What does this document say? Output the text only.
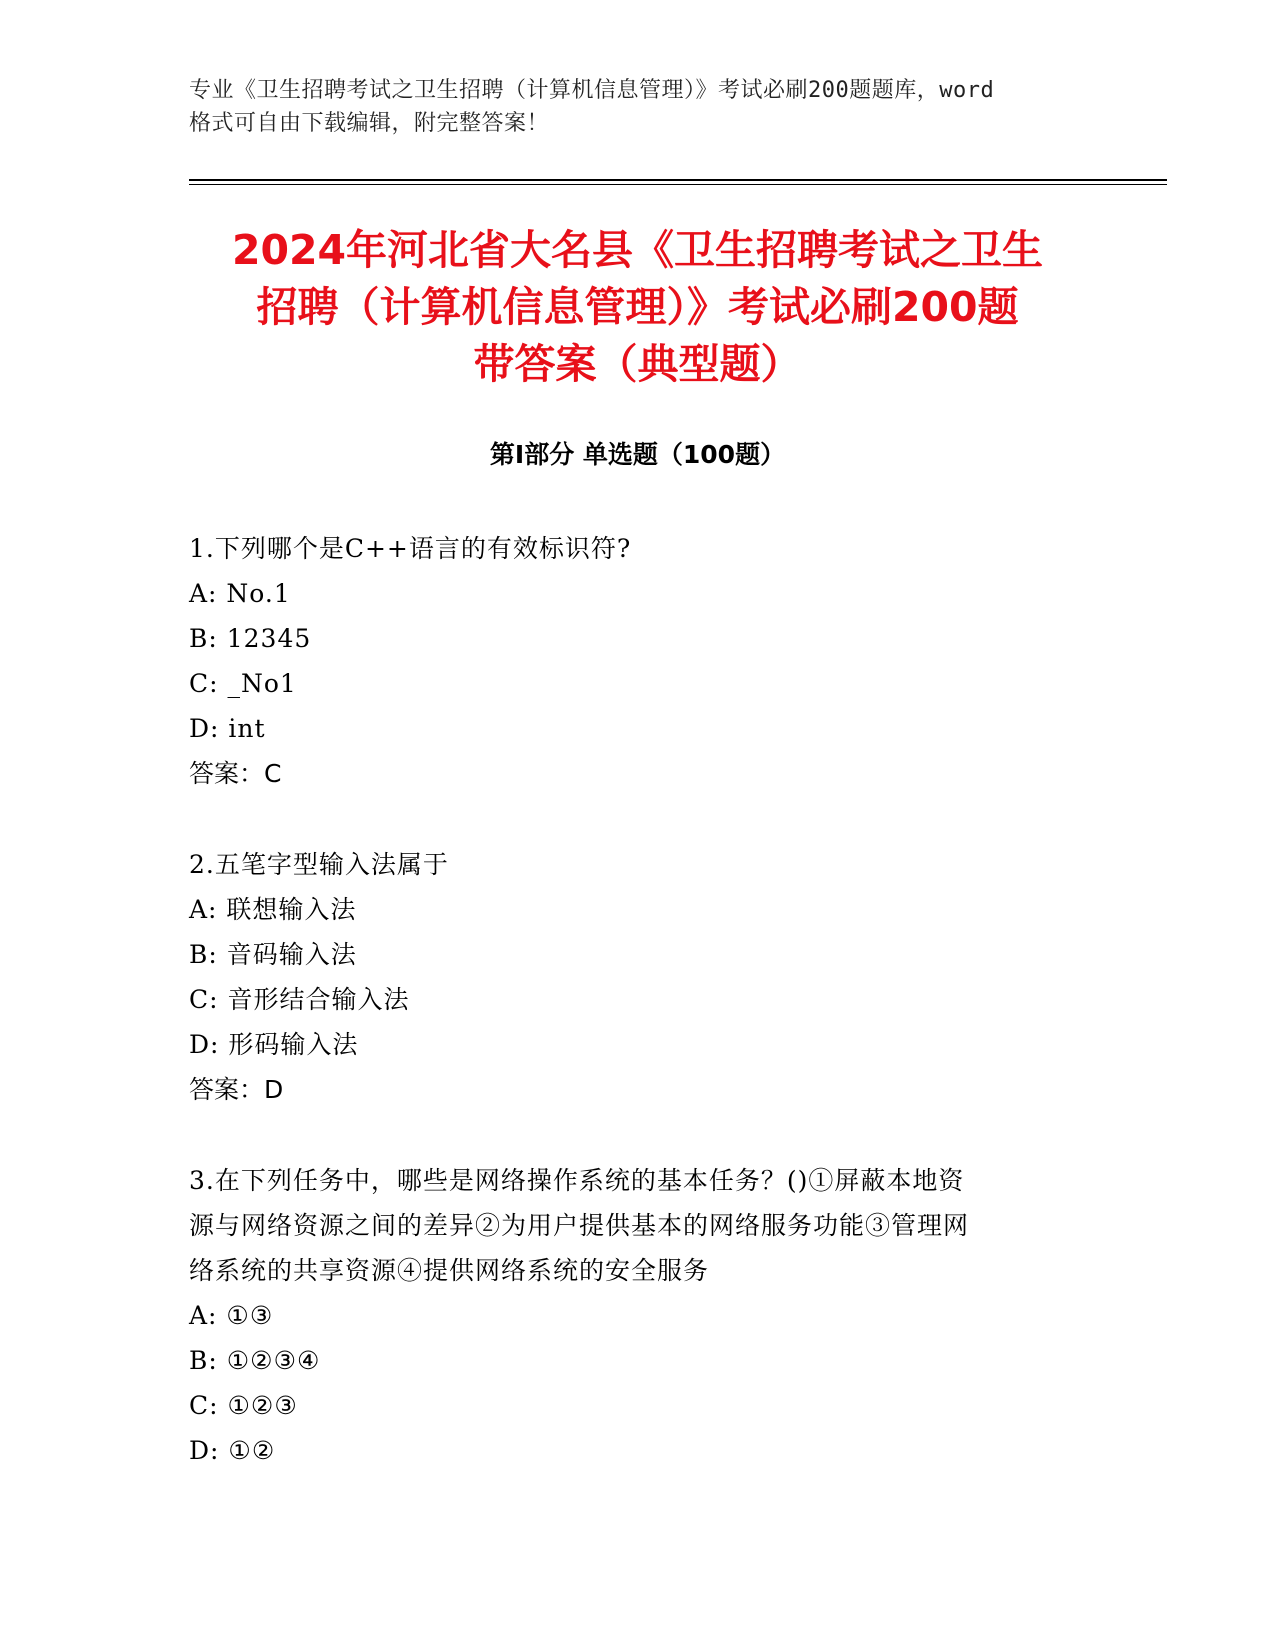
专业《卫生招聘考试之卫生招聘（计算机信息管理）》考试必刷200题题库，word
格式可自由下载编辑，附完整答案！
2024年河北省大名县《卫生招聘考试之卫生
招聘（计算机信息管理）》考试必刷200题
带答案（典型题）
第I部分 单选题（100题）
1.下列哪个是C++语言的有效标识符?
A: No.1
B: 12345
C: _No1
D: int
答案：C
2.五笔字型输入法属于
A: 联想输入法
B: 音码输入法
C: 音形结合输入法
D: 形码输入法
答案：D
3.在下列任务中，哪些是网络操作系统的基本任务？()①屏蔽本地资
源与网络资源之间的差异②为用户提供基本的网络服务功能③管理网
络系统的共享资源④提供网络系统的安全服务
A: ①③
B: ①②③④
C: ①②③
D: ①②
